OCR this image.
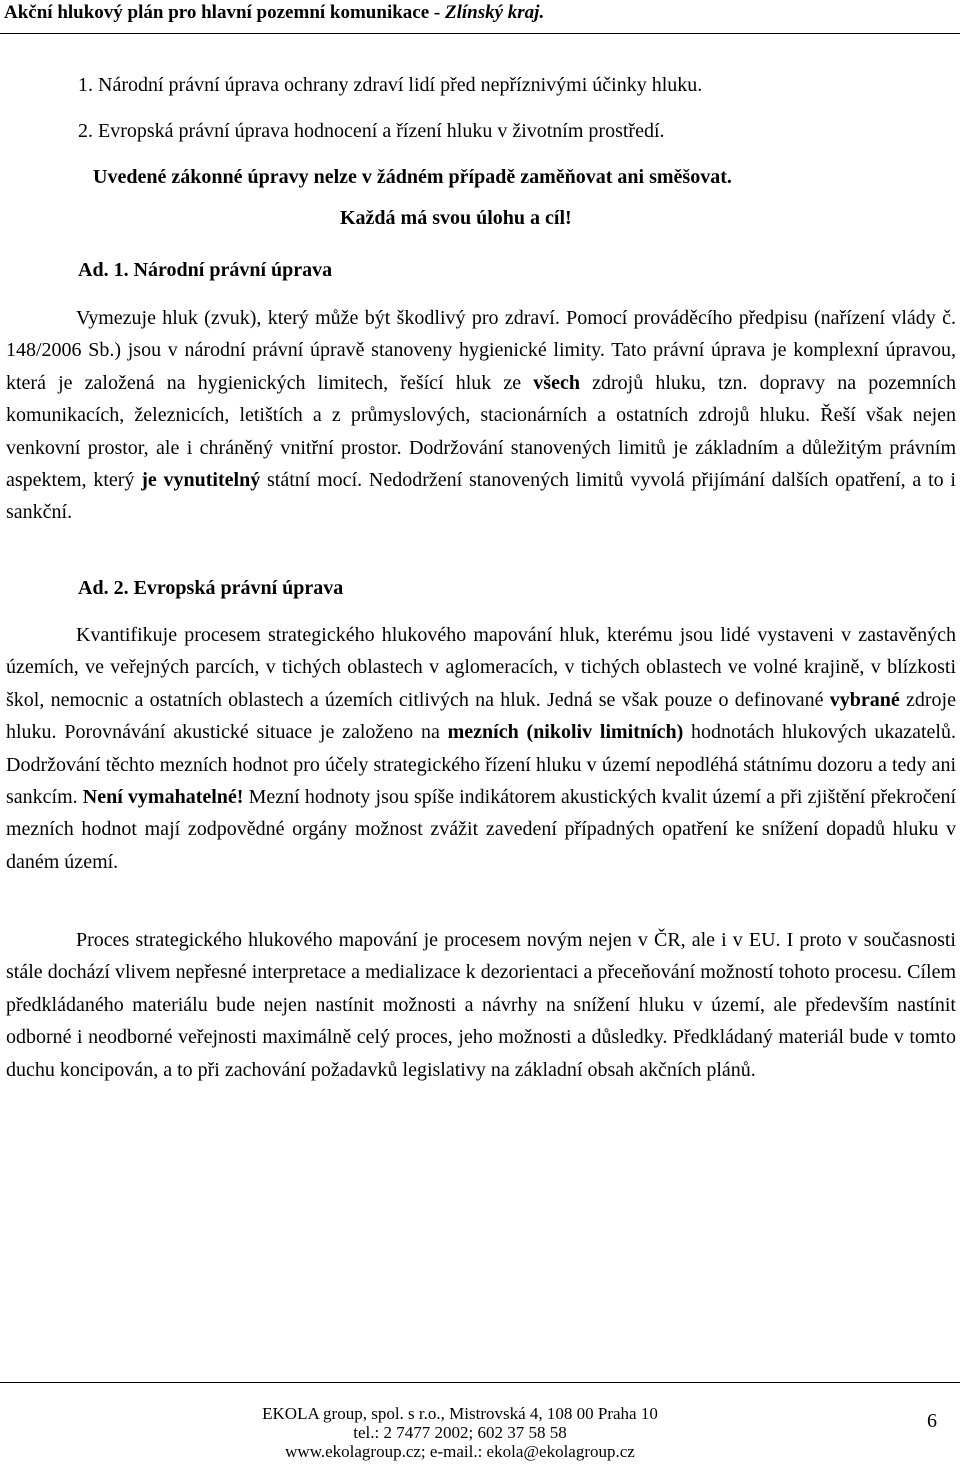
Akční hlukový plán pro hlavní pozemní komunikace - Zlínský kraj.
1. Národní právní úprava ochrany zdraví lidí před nepříznivými účinky hluku.
2. Evropská právní úprava hodnocení a řízení hluku v životním prostředí.
Uvedené zákonné úpravy nelze v žádném případě zaměňovat ani směšovat.
Každá má svou úlohu a cíl!
Ad. 1. Národní právní úprava
Vymezuje hluk (zvuk), který může být škodlivý pro zdraví. Pomocí prováděcího předpisu (nařízení vlády č. 148/2006 Sb.) jsou v národní právní úpravě stanoveny hygienické limity. Tato právní úprava je komplexní úpravou, která je založená na hygienických limitech, řešící hluk ze všech zdrojů hluku, tzn. dopravy na pozemních komunikacích, železnicích, letištích a z průmyslových, stacionárních a ostatních zdrojů hluku. Řeší však nejen venkovní prostor, ale i chráněný vnitřní prostor. Dodržování stanovených limitů je základním a důležitým právním aspektem, který je vynutitelný státní mocí. Nedodržení stanovených limitů vyvolá přijímání dalších opatření, a to i sankční.
Ad. 2. Evropská právní úprava
Kvantifikuje procesem strategického hlukového mapování hluk, kterému jsou lidé vystaveni v zastavěných územích, ve veřejných parcích, v tichých oblastech v aglomeracích, v tichých oblastech ve volné krajině, v blízkosti škol, nemocnic a ostatních oblastech a územích citlivých na hluk. Jedná se však pouze o definované vybrané zdroje hluku. Porovnávání akustické situace je založeno na mezních (nikoliv limitních) hodnotách hlukových ukazatelů. Dodržování těchto mezních hodnot pro účely strategického řízení hluku v území nepodléhá státnímu dozoru a tedy ani sankcím. Není vymahatelné! Mezní hodnoty jsou spíše indikátorem akustických kvalit území a při zjištění překročení mezních hodnot mají zodpovědné orgány možnost zvážit zavedení případných opatření ke snížení dopadů hluku v daném území.
Proces strategického hlukového mapování je procesem novým nejen v ČR, ale i v EU. I proto v současnosti stále dochází vlivem nepřesné interpretace a medializace k dezorientaci a přeceňování možností tohoto procesu. Cílem předkládaného materiálu bude nejen nastínit možnosti a návrhy na snížení hluku v území, ale především nastínit odborné i neodborné veřejnosti maximálně celý proces, jeho možnosti a důsledky. Předkládaný materiál bude v tomto duchu koncipován, a to při zachování požadavků legislativy na základní obsah akčních plánů.
EKOLA group, spol. s r.o., Mistrovská 4, 108 00 Praha 10
tel.: 2 7477 2002; 602 37 58 58
www.ekolagroup.cz; e-mail.: ekola@ekolagroup.cz
6
